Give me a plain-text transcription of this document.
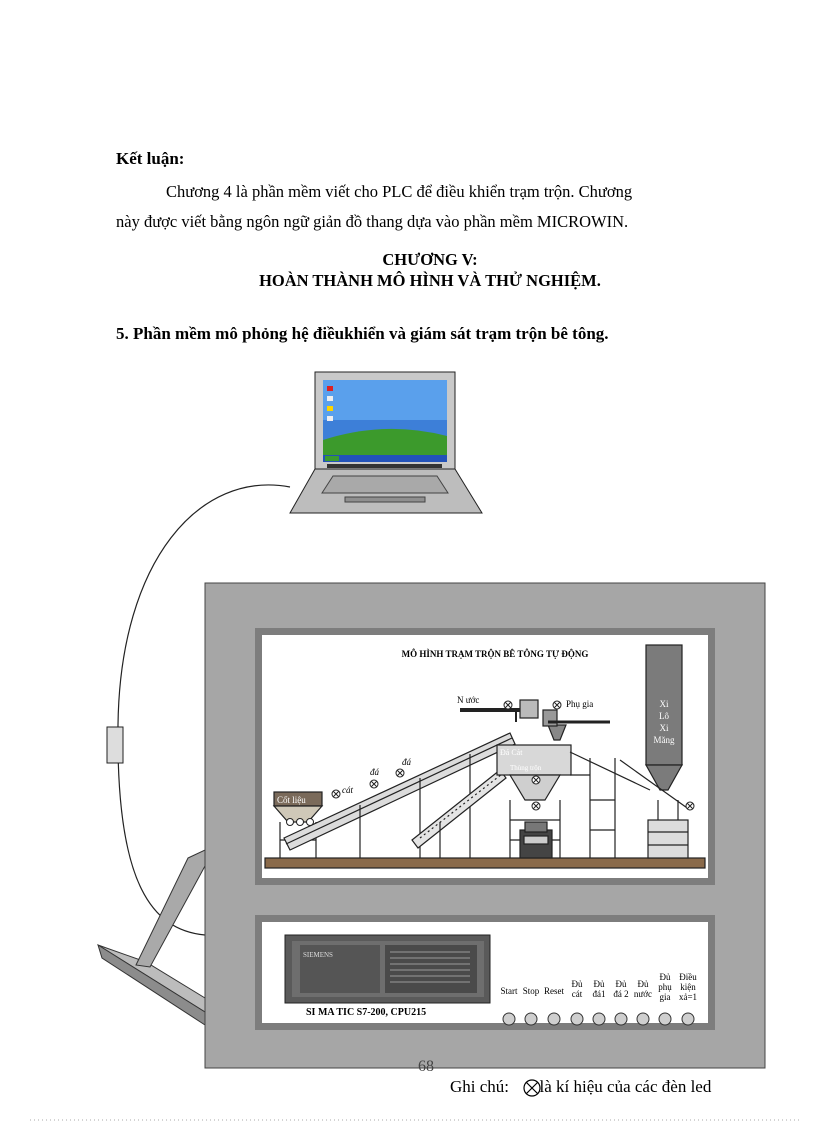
Kết luận:
Chương 4 là phần mềm viết cho PLC để điều khiển trạm trộn. Chương
này được viết bằng ngôn ngữ giản đồ thang dựa vào phần mềm MICROWIN.
CHƯƠNG V:
HOÀN THÀNH MÔ HÌNH VÀ THỬ NGHIỆM.
5. Phần mềm mô phỏng hệ điềukhiển và giám sát trạm trộn bê tông.
MÔ HÌNH TRẠM TRỘN BÊ TÔNG TỰ ĐỘNG
N ước	Phụ gia
Cốt liệu
cát
đá
đá
Đá Cát
Thùng trộn
Xi
Lô
Xi
Măng
SIEMENS
SI MA TIC S7-200, CPU215
Start Stop Reset
Đủ
cát
Đủ
đá1
Đủ
đá 2
Đủ
nước
Đủ
phụ
gia
Điều
kiện
xả=1
68
Ghi chú: là kí hiệu của các đèn led
